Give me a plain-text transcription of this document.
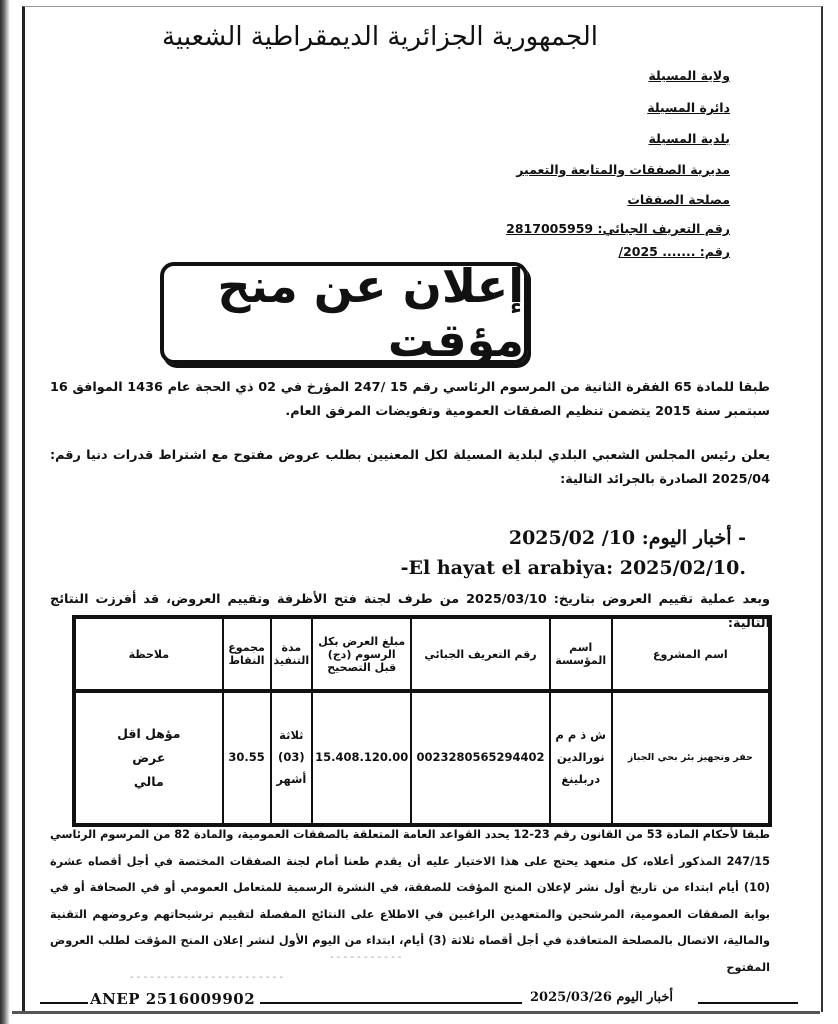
الجمهورية الجزائرية الديمقراطية الشعبية
ولاية المسيلة
دائرة المسيلة
بلدية المسيلة
مديرية الصفقات والمتابعة والتعمير
مصلحة الصفقات
رقم التعريف الجبائي: 2817005959
رقم: ....... 2025/
إعلان عن منح مؤقت
طبقا للمادة 65 الفقرة الثانية من المرسوم الرئاسي رقم 15 /247 المؤرخ في 02 ذي الحجة عام 1436 الموافق 16 سبتمبر سنة 2015 يتضمن تنظيم الصفقات العمومية وتفويضات المرفق العام.
يعلن رئيس المجلس الشعبي البلدي لبلدية المسيلة لكل المعنيين بطلب عروض مفتوح مع اشتراط قدرات دنيا رقم: 2025/04 الصادرة بالجرائد التالية:
- أخبار اليوم: 10/ 2025/02
.2025/02/10 :El hayat el arabiya-
وبعد عملية تقييم العروض بتاريخ: 2025/03/10 من طرف لجنة فتح الأظرفة وتقييم العروض، قد أفرزت النتائج التالية:
اسم المشروع	اسم المؤسسة	رقم التعريف الجبائي	مبلغ العرض بكل الرسوم (دج) قبل التصحيح	مدة التنفيذ	مجموع النقاط	ملاحظة
حفر وتجهيز بئر بحي الجباز	ش ذ م م نورالدين دربلينغ	0023280565294402	15.408.120.00	ثلاثة (03) أشهر	30.55	مؤهل اقل عرض مالي
طبقا لأحكام المادة 53 من القانون رقم 23-12 يحدد القواعد العامة المتعلقة بالصفقات العمومية، والمادة 82 من المرسوم الرئاسي 247/15 المذكور أعلاه، كل متعهد يحتج على هذا الاختيار عليه أن يقدم طعنا أمام لجنة الصفقات المختصة في أجل أقصاه عشرة (10) أيام ابتداء من تاريخ أول نشر لإعلان المنح المؤقت للصفقة، في النشرة الرسمية للمتعامل العمومي أو في الصحافة أو في بوابة الصفقات العمومية، المرشحين والمتعهدين الراغبين في الاطلاع على النتائج المفصلة لتقييم ترشيحاتهم وعروضهم التقنية والمالية، الاتصال بالمصلحة المتعاقدة في أجل أقصاه ثلاثة (3) أيام، ابتداء من اليوم الأول لنشر إعلان المنح المؤقت لطلب العروض المفتوح
- - - - - - - - - - -
- - - - - - - - - - - - - - - - - - - - - - -
ANEP 2516009902	أخبار اليوم 2025/03/26
